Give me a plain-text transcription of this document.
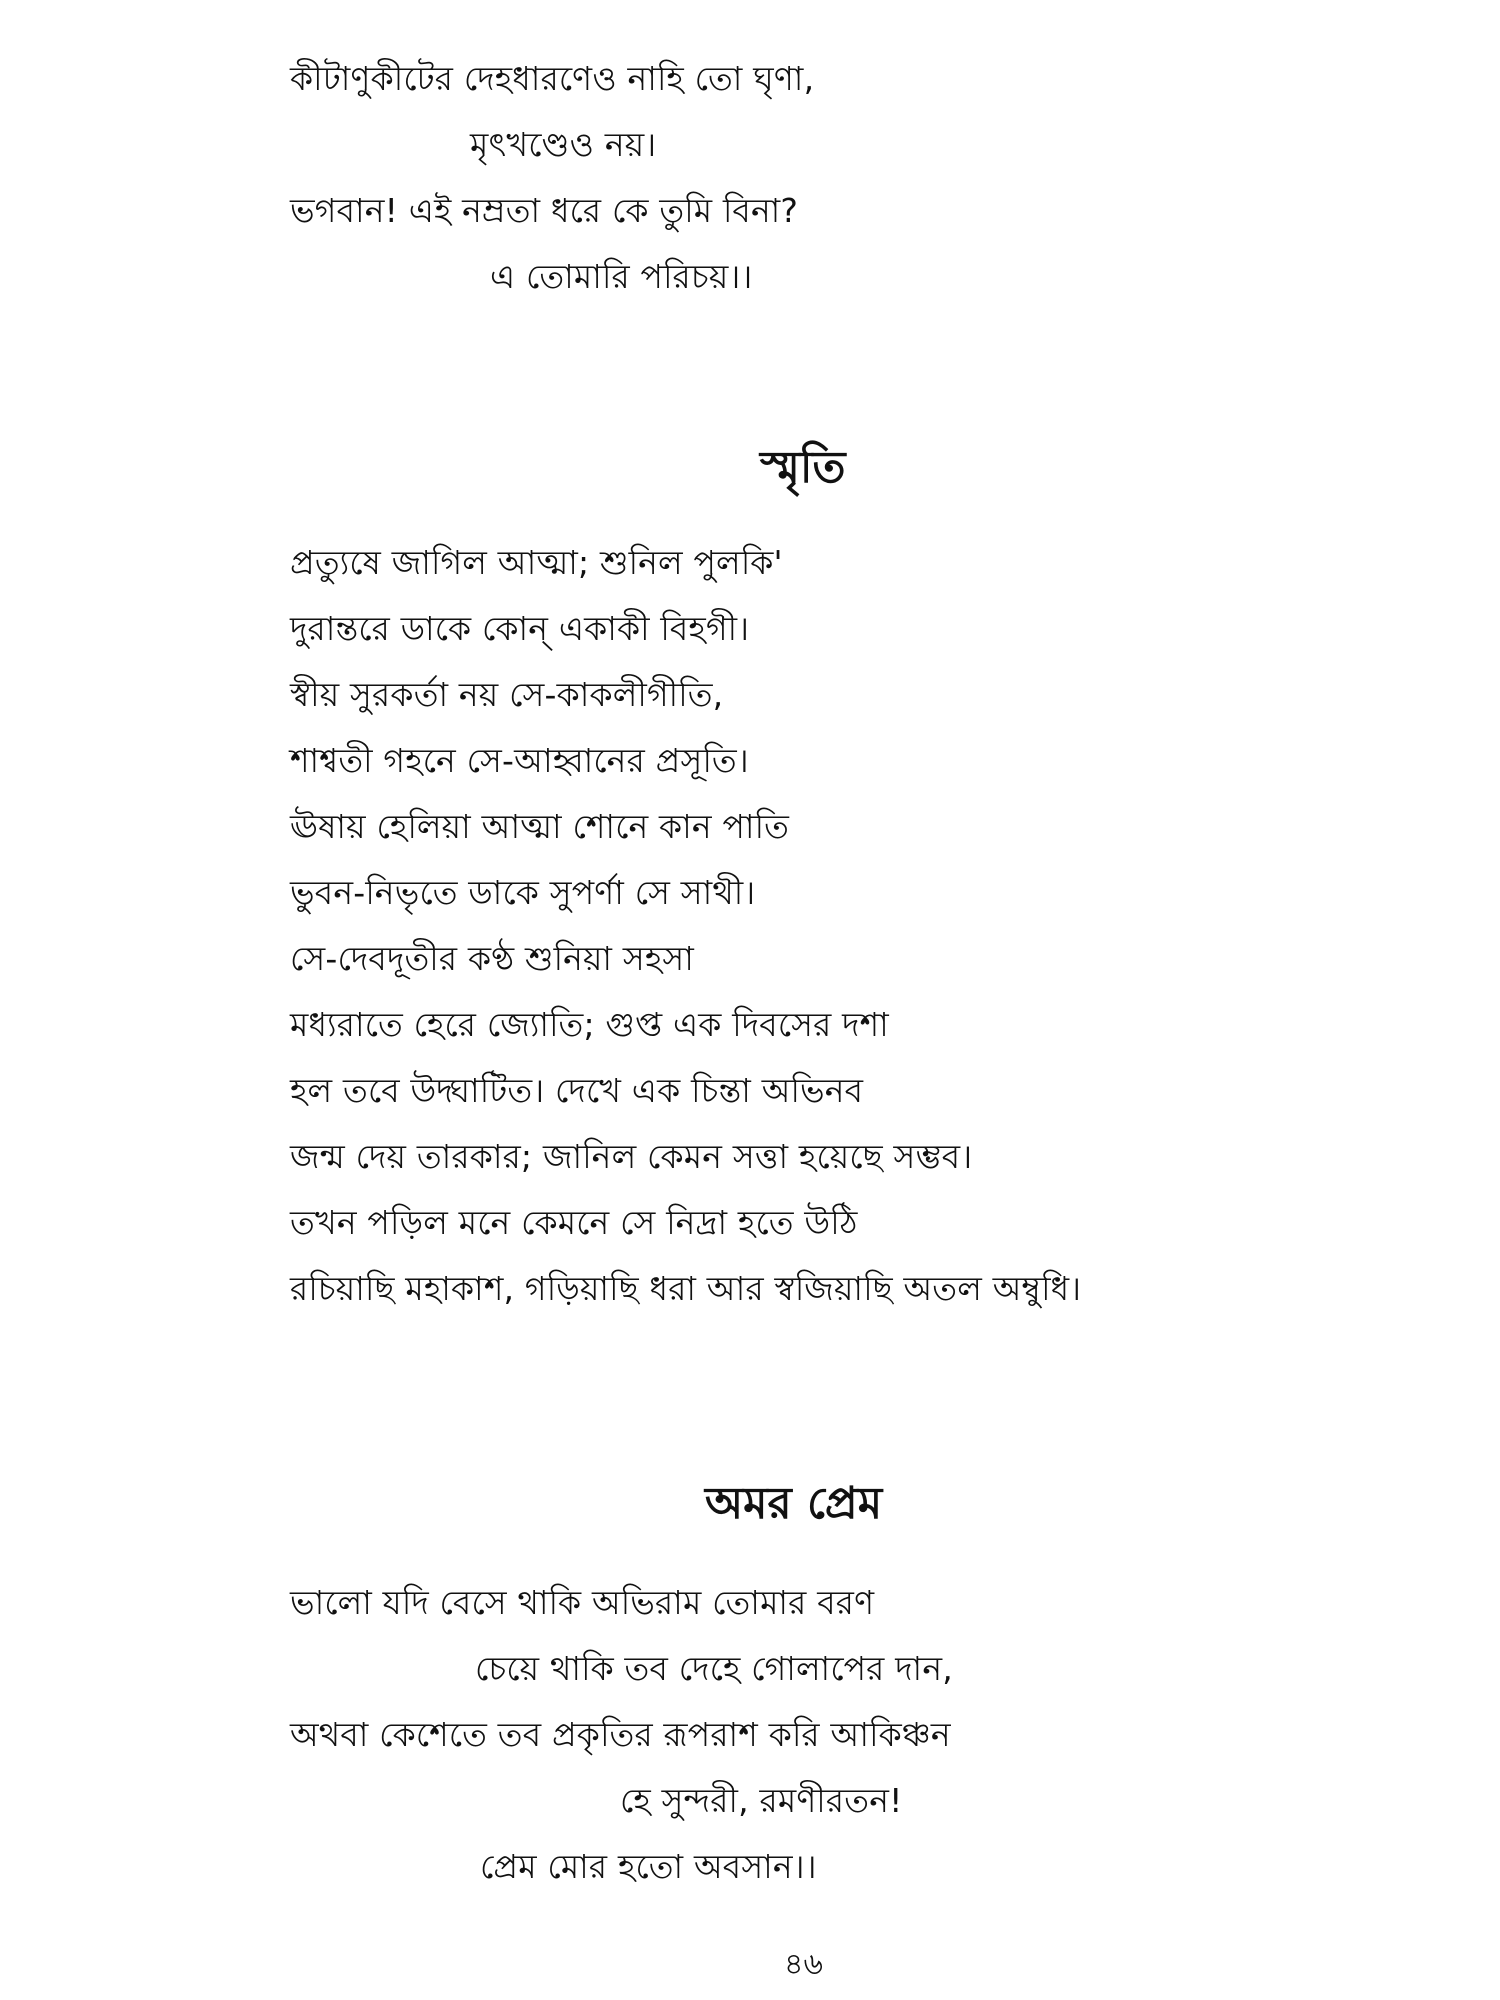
কীটাণুকীটের দেহধারণেও নাহি তো ঘৃণা,
মৃৎখণ্ডেও নয়।
ভগবান! এই নম্রতা ধরে কে তুমি বিনা?
এ তোমারি পরিচয়।।
স্মৃতি
প্রত্যুষে জাগিল আত্মা; শুনিল পুলকি'
দুরান্তরে ডাকে কোন্ একাকী বিহগী।
স্বীয় সুরকর্তা নয় সে-কাকলীগীতি,
শাশ্বতী গহনে সে-আহ্বানের প্রসূতি।
ঊষায় হেলিয়া আত্মা শোনে কান পাতি
ভুবন-নিভৃতে ডাকে সুপর্ণা সে সাথী।
সে-দেবদূতীর কণ্ঠ শুনিয়া সহসা
মধ্যরাতে হেরে জ্যোতি; গুপ্ত এক দিবসের দশা
হল তবে উদ্ঘাটিত। দেখে এক চিন্তা অভিনব
জন্ম দেয় তারকার; জানিল কেমন সত্তা হয়েছে সম্ভব।
তখন পড়িল মনে কেমনে সে নিদ্রা হতে উঠি
রচিয়াছি মহাকাশ, গড়িয়াছি ধরা আর স্বজিয়াছি অতল অম্বুধি।
অমর প্রেম
ভালো যদি বেসে থাকি অভিরাম তোমার বরণ
চেয়ে থাকি তব দেহে গোলাপের দান,
অথবা কেশেতে তব প্রকৃতির রূপরাশ করি আকিঞ্চন
হে সুন্দরী, রমণীরতন!
প্রেম মোর হতো অবসান।।
৪৬
